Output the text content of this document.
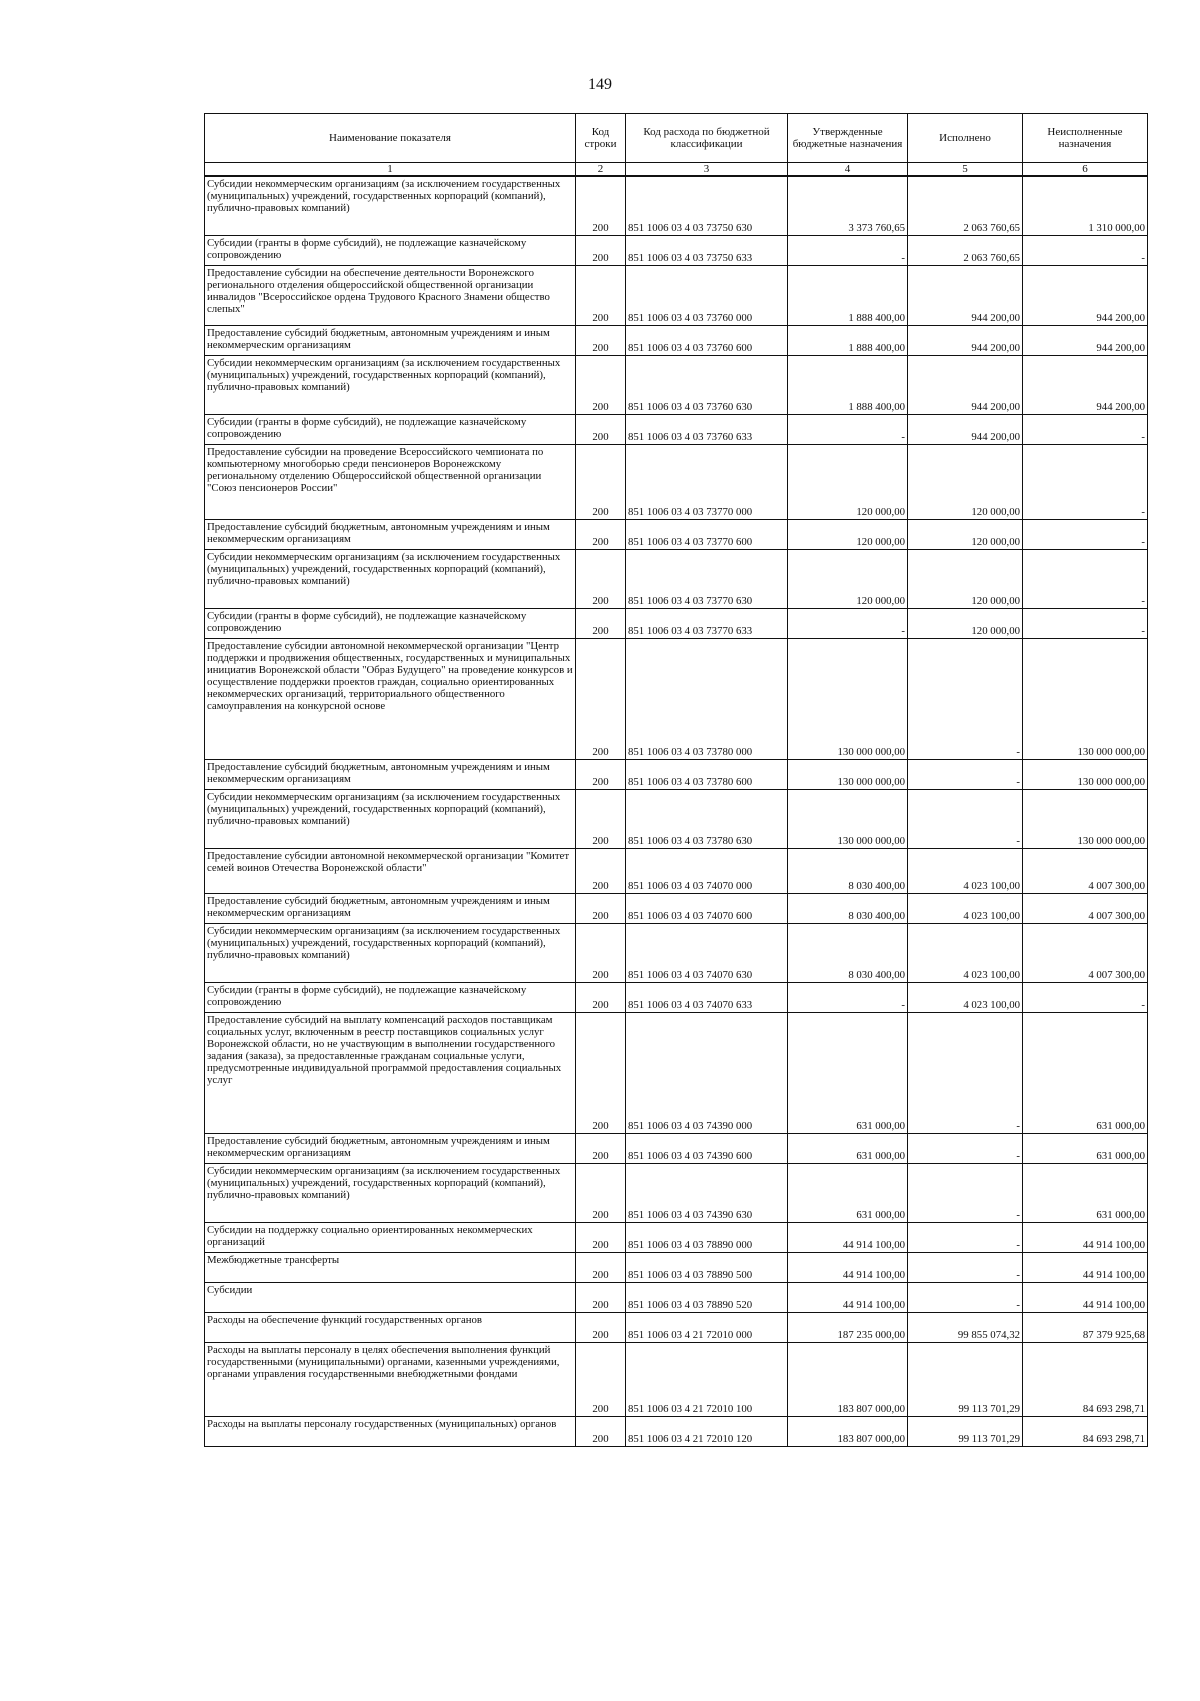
149
Наименование показателя	Код строки	Код расхода по бюджетной классификации	Утвержденные бюджетные назначения	Исполнено	Неисполненные назначения
1	2	3	4	5	6
Субсидии некоммерческим организациям (за исключением государственных (муниципальных) учреждений, государственных корпораций (компаний), публично-правовых компаний)	200	851 1006 03 4 03 73750 630	3 373 760,65	2 063 760,65	1 310 000,00
Субсидии (гранты в форме субсидий), не подлежащие казначейскому сопровождению	200	851 1006 03 4 03 73750 633	-	2 063 760,65	-
Предоставление субсидии на обеспечение деятельности Воронежского регионального отделения общероссийской общественной организации инвалидов "Всероссийское ордена Трудового Красного Знамени общество слепых"	200	851 1006 03 4 03 73760 000	1 888 400,00	944 200,00	944 200,00
Предоставление субсидий бюджетным, автономным учреждениям и иным некоммерческим организациям	200	851 1006 03 4 03 73760 600	1 888 400,00	944 200,00	944 200,00
Субсидии некоммерческим организациям (за исключением государственных (муниципальных) учреждений, государственных корпораций (компаний), публично-правовых компаний)	200	851 1006 03 4 03 73760 630	1 888 400,00	944 200,00	944 200,00
Субсидии (гранты в форме субсидий), не подлежащие казначейскому сопровождению	200	851 1006 03 4 03 73760 633	-	944 200,00	-
Предоставление субсидии на проведение Всероссийского чемпионата по компьютерному многоборью среди пенсионеров Воронежскому региональному отделению Общероссийской общественной организации "Союз пенсионеров России"	200	851 1006 03 4 03 73770 000	120 000,00	120 000,00	-
Предоставление субсидий бюджетным, автономным учреждениям и иным некоммерческим организациям	200	851 1006 03 4 03 73770 600	120 000,00	120 000,00	-
Субсидии некоммерческим организациям (за исключением государственных (муниципальных) учреждений, государственных корпораций (компаний), публично-правовых компаний)	200	851 1006 03 4 03 73770 630	120 000,00	120 000,00	-
Субсидии (гранты в форме субсидий), не подлежащие казначейскому сопровождению	200	851 1006 03 4 03 73770 633	-	120 000,00	-
Предоставление субсидии автономной некоммерческой организации "Центр поддержки и продвижения общественных, государственных и муниципальных инициатив Воронежской области "Образ Будущего" на проведение конкурсов и осуществление поддержки проектов граждан, социально ориентированных некоммерческих организаций, территориального общественного самоуправления на конкурсной основе	200	851 1006 03 4 03 73780 000	130 000 000,00	-	130 000 000,00
Предоставление субсидий бюджетным, автономным учреждениям и иным некоммерческим организациям	200	851 1006 03 4 03 73780 600	130 000 000,00	-	130 000 000,00
Субсидии некоммерческим организациям (за исключением государственных (муниципальных) учреждений, государственных корпораций (компаний), публично-правовых компаний)	200	851 1006 03 4 03 73780 630	130 000 000,00	-	130 000 000,00
Предоставление субсидии автономной некоммерческой организации "Комитет семей воинов Отечества Воронежской области"	200	851 1006 03 4 03 74070 000	8 030 400,00	4 023 100,00	4 007 300,00
Предоставление субсидий бюджетным, автономным учреждениям и иным некоммерческим организациям	200	851 1006 03 4 03 74070 600	8 030 400,00	4 023 100,00	4 007 300,00
Субсидии некоммерческим организациям (за исключением государственных (муниципальных) учреждений, государственных корпораций (компаний), публично-правовых компаний)	200	851 1006 03 4 03 74070 630	8 030 400,00	4 023 100,00	4 007 300,00
Субсидии (гранты в форме субсидий), не подлежащие казначейскому сопровождению	200	851 1006 03 4 03 74070 633	-	4 023 100,00	-
Предоставление субсидий на выплату компенсаций расходов поставщикам социальных услуг, включенным в реестр поставщиков социальных услуг Воронежской области, но не участвующим в выполнении государственного задания (заказа), за предоставленные гражданам социальные услуги, предусмотренные индивидуальной программой предоставления социальных услуг	200	851 1006 03 4 03 74390 000	631 000,00	-	631 000,00
Предоставление субсидий бюджетным, автономным учреждениям и иным некоммерческим организациям	200	851 1006 03 4 03 74390 600	631 000,00	-	631 000,00
Субсидии некоммерческим организациям (за исключением государственных (муниципальных) учреждений, государственных корпораций (компаний), публично-правовых компаний)	200	851 1006 03 4 03 74390 630	631 000,00	-	631 000,00
Субсидии на поддержку социально ориентированных некоммерческих организаций	200	851 1006 03 4 03 78890 000	44 914 100,00	-	44 914 100,00
Межбюджетные трансферты	200	851 1006 03 4 03 78890 500	44 914 100,00	-	44 914 100,00
Субсидии	200	851 1006 03 4 03 78890 520	44 914 100,00	-	44 914 100,00
Расходы на обеспечение функций государственных органов	200	851 1006 03 4 21 72010 000	187 235 000,00	99 855 074,32	87 379 925,68
Расходы на выплаты персоналу в целях обеспечения выполнения функций государственными (муниципальными) органами, казенными учреждениями, органами управления государственными внебюджетными фондами	200	851 1006 03 4 21 72010 100	183 807 000,00	99 113 701,29	84 693 298,71
Расходы на выплаты персоналу государственных (муниципальных) органов	200	851 1006 03 4 21 72010 120	183 807 000,00	99 113 701,29	84 693 298,71
